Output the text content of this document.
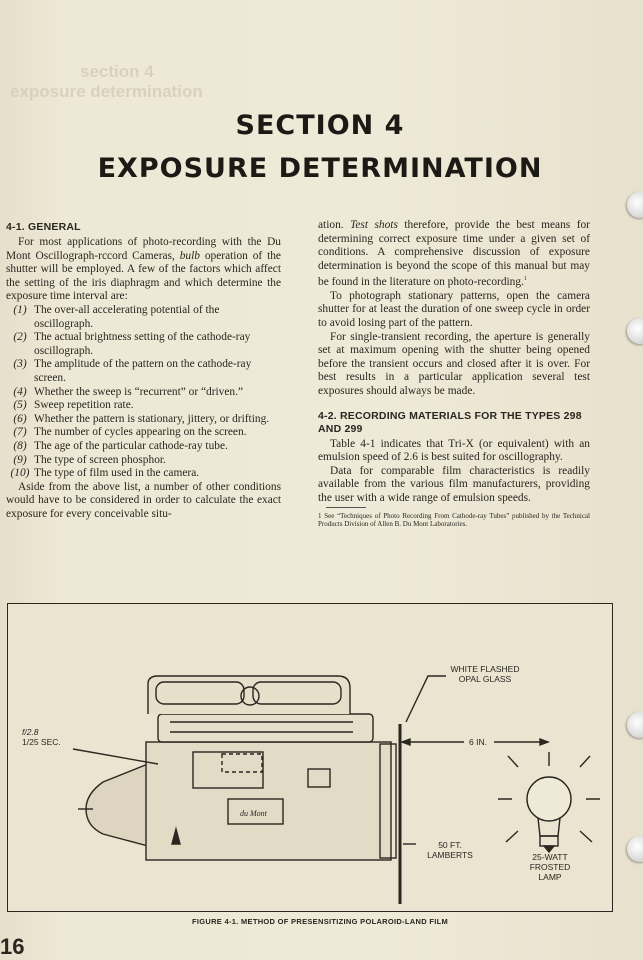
section 4
exposure determination
SECTION 4
EXPOSURE DETERMINATION
4-1. GENERAL

For most applications of photo-recording with the Du Mont Oscillograph-rccord Cameras, bulb operation of the shutter will be employed. A few of the factors which affect the setting of the iris diaphragm and which determine the exposure time interval are:

(1) The over-all accelerating potential of the oscillograph.
(2) The actual brightness setting of the cathode-ray oscillograph.
(3) The amplitude of the pattern on the cathode-ray screen.
(4) Whether the sweep is “recurrent” or “driven.”
(5) Sweep repetition rate.
(6) Whether the pattern is stationary, jittery, or drifting.
(7) The number of cycles appearing on the screen.
(8) The age of the particular cathode-ray tube.
(9) The type of screen phosphor.
(10) The type of film used in the camera.

Aside from the above list, a number of other conditions would have to be considered in order to calculate the exact exposure for every conceivable situ-

ation. Test shots therefore, provide the best means for determining correct exposure time under a given set of conditions. A comprehensive discussion of exposure determination is beyond the scope of this manual but may be found in the literature on photo-recording.$^1$

To photograph stationary patterns, open the camera shutter for at least the duration of one sweep cycle in order to avoid losing part of the pattern.

For single-transient recording, the aperture is generally set at maximum opening with the shutter being opened before the transient occurs and closed after it is over. For best results in a particular application several test exposures should always be made.

4-2. RECORDING MATERIALS FOR THE TYPES 298 AND 299

Table 4-1 indicates that Tri-X (or equivalent) with an emulsion speed of 2.6 is best suited for oscillography.

Data for comparable film characteristics is readily available from the various film manufacturers, providing the user with a wide range of emulsion speeds.

1 See “Techniques of Photo Recording From Cathode-ray Tubes” published by the Technical Products Division of Allen B. Du Mont Laboratories.
du Mont
WHITE FLASHED
OPAL GLASS
f/2.8
1/25 SEC.	6 IN.
50 FT.
LAMBERTS	25-WATT
FROSTED
LAMP
FIGURE 4-1. METHOD OF PRESENSITIZING POLAROID-LAND FILM
16
